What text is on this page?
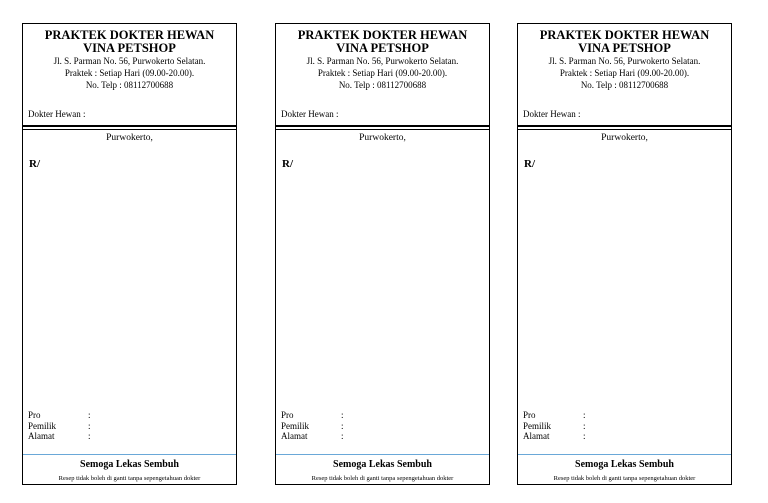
PRAKTEK DOKTER HEWAN
VINA PETSHOP
Jl. S. Parman No. 56, Purwokerto Selatan.
Praktek : Setiap Hari (09.00-20.00).
No. Telp : 08112700688
Dokter Hewan :
Purwokerto,
R/
Pro	:
Pemilik	:
Alamat	:
Semoga Lekas Sembuh
Resep tidak boleh di ganti tanpa sepengetahuan dokter
PRAKTEK DOKTER HEWAN
VINA PETSHOP
Jl. S. Parman No. 56, Purwokerto Selatan.
Praktek : Setiap Hari (09.00-20.00).
No. Telp : 08112700688
Dokter Hewan :
Purwokerto,
R/
Pro	:
Pemilik	:
Alamat	:
Semoga Lekas Sembuh
Resep tidak boleh di ganti tanpa sepengetahuan dokter
PRAKTEK DOKTER HEWAN
VINA PETSHOP
Jl. S. Parman No. 56, Purwokerto Selatan.
Praktek : Setiap Hari (09.00-20.00).
No. Telp : 08112700688
Dokter Hewan :
Purwokerto,
R/
Pro	:
Pemilik	:
Alamat	:
Semoga Lekas Sembuh
Resep tidak boleh di ganti tanpa sepengetahuan dokter
